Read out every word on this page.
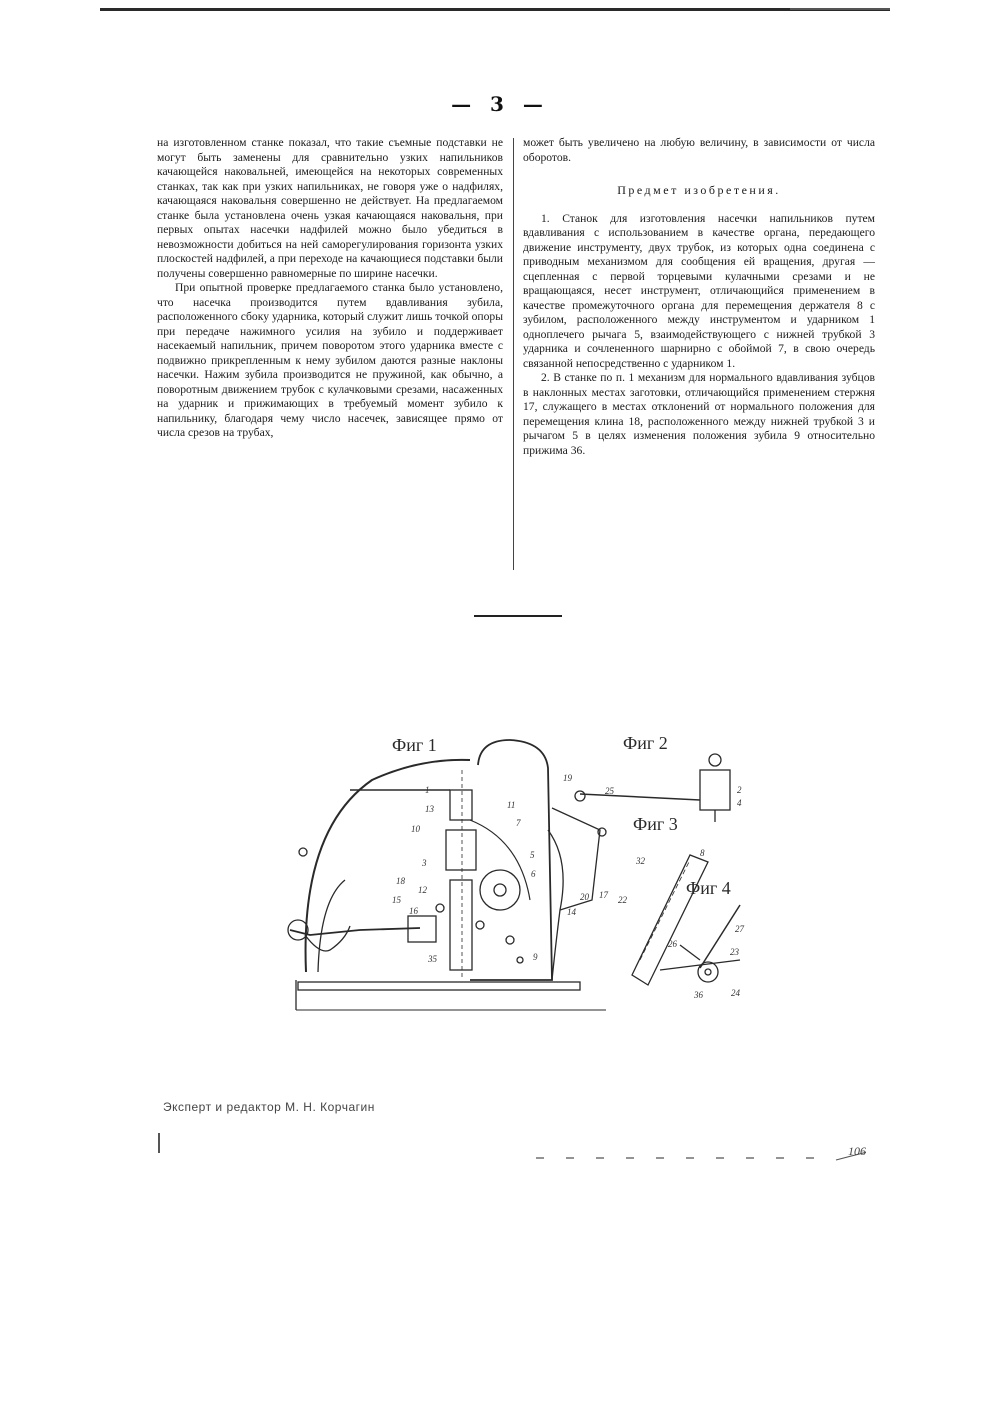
— 3 —

на изготовленном станке показал, что такие съемные подставки не могут быть заменены для сравнительно узких напильников качающейся наковальней, имеющейся на некоторых современных станках, так как при узких напильниках, не говоря уже о надфилях, качающаяся наковальня совершенно не действует. На предлагаемом станке была установлена очень узкая качающаяся наковальня, при первых опытах насечки надфилей можно было убедиться в невозможности добиться на ней саморегулирования горизонта узких плоскостей надфилей, а при переходе на качающиеся подставки были получены совершенно равномерные по ширине насечки.

При опытной проверке предлагаемого станка было установлено, что насечка производится путем вдавливания зубила, расположенного сбоку ударника, который служит лишь точкой опоры при передаче нажимного усилия на зубило и поддерживает насекаемый напильник, причем поворотом этого ударника вместе с подвижно прикрепленным к нему зубилом даются разные наклоны насечки. Нажим зубила производится не пружиной, как обычно, а поворотным движением трубок с кулачковыми срезами, насаженных на ударник и прижимающих в требуемый момент зубило к напильнику, благодаря чему число насечек, зависящее прямо от числа срезов на трубах,

может быть увеличено на любую величину, в зависимости от числа оборотов.

Предмет изобретения.

1. Станок для изготовления насечки напильников путем вдавливания с использованием в качестве органа, передающего движение инструменту, двух трубок, из которых одна соединена с приводным механизмом для сообщения ей вращения, другая — сцепленная с первой торцевыми кулачными срезами и не вращающаяся, несет инструмент, отличающийся применением в качестве промежуточного органа для перемещения держателя 8 с зубилом, расположенного между инструментом и ударником 1 одноплечего рычага 5, взаимодействующего с нижней трубкой 3 ударника и сочлененного шарнирно с обоймой 7, в свою очередь связанной непосредственно с ударником 1.

2. В станке по п. 1 механизм для нормального вдавливания зубцов в наклонных местах заготовки, отличающийся применением стержня 17, служащего в местах отклонений от нормального положения для перемещения клина 18, расположенного между нижней трубкой 3 и рычагом 5 в целях изменения положения зубила 9 относительно прижима 36.

Фиг 1	Фиг 2
Фиг 3
Фиг 4
1
19
11
7
13
10
3
18
12
16
15	20
14
35
5
6
22
17
9
2
4
25
32
8
27
26
23
24
36
Эксперт и редактор М. Н. Корчагин
106
